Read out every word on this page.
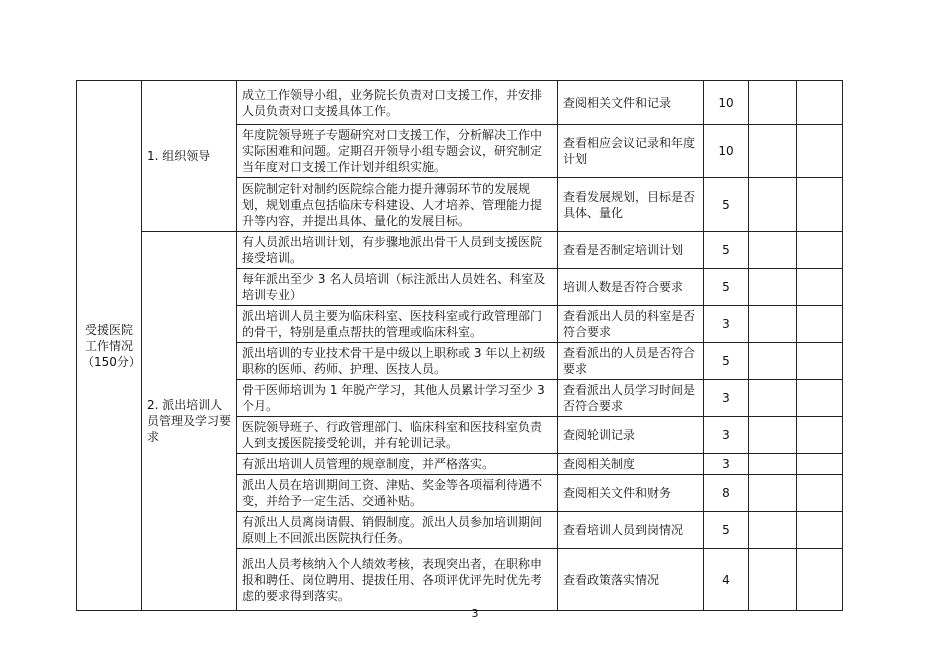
受援医院工作情况（150分）	1. 组织领导	成立工作领导小组，业务院长负责对口支援工作，并安排人员负责对口支援具体工作。	查阅相关文件和记录	10		
		年度院领导班子专题研究对口支援工作，分析解决工作中实际困难和问题。定期召开领导小组专题会议，研究制定当年度对口支援工作计划并组织实施。	查看相应会议记录和年度计划	10		
		医院制定针对制约医院综合能力提升薄弱环节的发展规划，规划重点包括临床专科建设、人才培养、管理能力提升等内容，并提出具体、量化的发展目标。	查看发展规划，目标是否具体、量化	5		
	2. 派出培训人员管理及学习要求	有人员派出培训计划，有步骤地派出骨干人员到支援医院接受培训。	查看是否制定培训计划	5		
		每年派出至少 3 名人员培训（标注派出人员姓名、科室及培训专业）	培训人数是否符合要求	5		
		派出培训人员主要为临床科室、医技科室或行政管理部门的骨干，特别是重点帮扶的管理或临床科室。	查看派出人员的科室是否符合要求	3		
		派出培训的专业技术骨干是中级以上职称或 3 年以上初级职称的医师、药师、护理、医技人员。	查看派出的人员是否符合要求	5		
		骨干医师培训为 1 年脱产学习，其他人员累计学习至少 3 个月。	查看派出人员学习时间是否符合要求	3		
		医院领导班子、行政管理部门、临床科室和医技科室负责人到支援医院接受轮训，并有轮训记录。	查阅轮训记录	3		
		有派出培训人员管理的规章制度，并严格落实。	查阅相关制度	3		
		派出人员在培训期间工资、津贴、奖金等各项福利待遇不变，并给予一定生活、交通补贴。	查阅相关文件和财务	8		
		有派出人员离岗请假、销假制度。派出人员参加培训期间原则上不回派出医院执行任务。	查看培训人员到岗情况	5		
		派出人员考核纳入个人绩效考核，表现突出者，在职称申报和聘任、岗位聘用、提拔任用、各项评优评先时优先考虑的要求得到落实。	查看政策落实情况	4		
3
